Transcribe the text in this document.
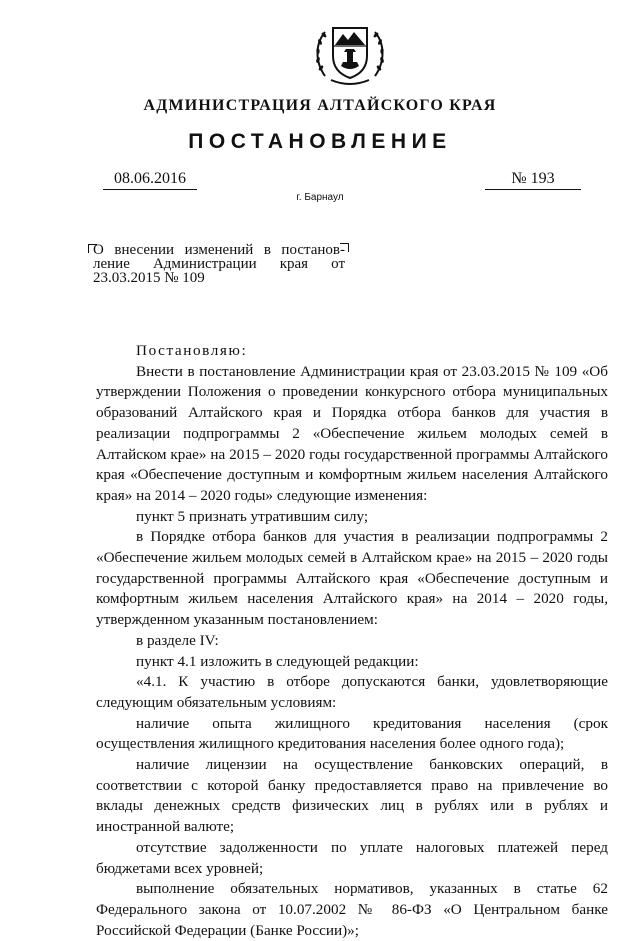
АДМИНИСТРАЦИЯ АЛТАЙСКОГО КРАЯ
ПОСТАНОВЛЕНИЕ
08.06.2016	№ 193
г. Барнаул
О внесении изменений в постанов-
ление Администрации края от
23.03.2015 № 109

Постановляю:

Внести в постановление Администрации края от 23.03.2015 № 109 «Об утверждении Положения о проведении конкурсного отбора муниципальных образований Алтайского края и Порядка отбора банков для участия в реализации подпрограммы 2 «Обеспечение жильем молодых семей в Алтайском крае» на 2015 – 2020 годы государственной программы Алтайского края «Обеспечение доступным и комфортным жильем населения Алтайского края» на 2014 – 2020 годы» следующие изменения:

пункт 5 признать утратившим силу;

в Порядке отбора банков для участия в реализации подпрограммы 2 «Обеспечение жильем молодых семей в Алтайском крае» на 2015 – 2020 годы государственной программы Алтайского края «Обеспечение доступным и комфортным жильем населения Алтайского края» на 2014 – 2020 годы, утвержденном указанным постановлением:

в разделе IV:

пункт 4.1 изложить в следующей редакции:

«4.1. К участию в отборе допускаются банки, удовлетворяющие следующим обязательным условиям:

наличие опыта жилищного кредитования населения (срок осуществления жилищного кредитования населения более одного года);

наличие лицензии на осуществление банковских операций, в соответствии с которой банку предоставляется право на привлечение во вклады денежных средств физических лиц в рублях или в рублях и иностранной валюте;

отсутствие задолженности по уплате налоговых платежей перед бюджетами всех уровней;

выполнение обязательных нормативов, указанных в статье 62 Федерального закона от 10.07.2002 № 86-ФЗ «О Центральном банке Российской Федерации (Банке России)»;
